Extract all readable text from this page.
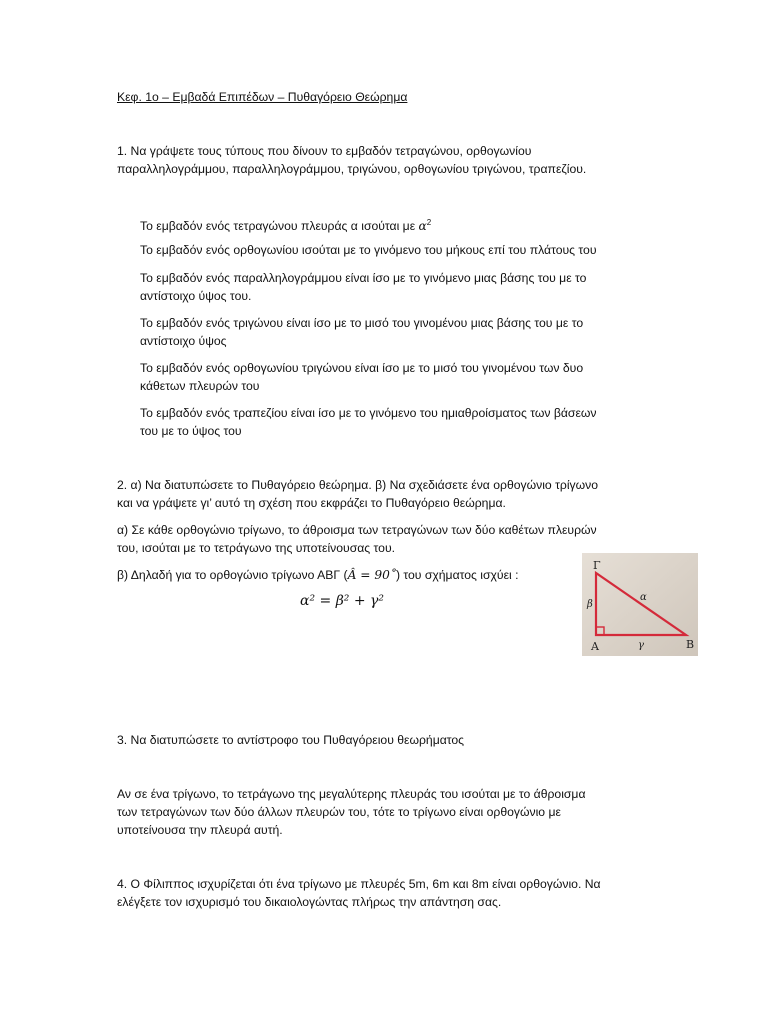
Κεφ. 1ο – Εμβαδά Επιπέδων – Πυθαγόρειο Θεώρημα
1. Να γράψετε τους τύπους που δίνουν το εμβαδόν τετραγώνου, ορθογωνίου
παραλληλογράμμου, παραλληλογράμμου, τριγώνου, ορθογωνίου τριγώνου, τραπεζίου.
Το εμβαδόν ενός τετραγώνου πλευράς α ισούται με $\alpha^2$
Το εμβαδόν ενός ορθογωνίου ισούται με το γινόμενο του μήκους επί του πλάτους του
Το εμβαδόν ενός παραλληλογράμμου είναι ίσο με το γινόμενο μιας βάσης του με το
αντίστοιχο ύψος του.
Το εμβαδόν ενός τριγώνου είναι ίσο με το μισό του γινομένου μιας βάσης του με το
αντίστοιχο ύψος
Το εμβαδόν ενός ορθογωνίου τριγώνου είναι ίσο με το μισό του γινομένου των δυο
κάθετων πλευρών του
Το εμβαδόν ενός τραπεζίου είναι ίσο με το γινόμενο του ημιαθροίσματος των βάσεων
του με το ύψος του
2. α) Να διατυπώσετε το Πυθαγόρειο θεώρημα. β) Να σχεδιάσετε ένα ορθογώνιο τρίγωνο
και να γράψετε γι’ αυτό τη σχέση που εκφράζει το Πυθαγόρειο θεώρημα.
α) Σε κάθε ορθογώνιο τρίγωνο, το άθροισμα των τετραγώνων των δύο καθέτων πλευρών
του, ισούται με το τετράγωνο της υποτείνουσας του.
β) Δηλαδή για το ορθογώνιο τρίγωνο ΑΒΓ (Â = 90˚) του σχήματος ισχύει :
α² = β² + γ²
Γ
Α	Β
β
α
γ
3. Να διατυπώσετε το αντίστροφο του Πυθαγόρειου θεωρήματος
Αν σε ένα τρίγωνο, το τετράγωνο της μεγαλύτερης πλευράς του ισούται με το άθροισμα
των τετραγώνων των δύο άλλων πλευρών του, τότε το τρίγωνο είναι ορθογώνιο με
υποτείνουσα την πλευρά αυτή.
4. Ο Φίλιππος ισχυρίζεται ότι ένα τρίγωνο με πλευρές 5m, 6m και 8m είναι ορθογώνιο. Να
ελέγξετε τον ισχυρισμό του δικαιολογώντας πλήρως την απάντηση σας.
